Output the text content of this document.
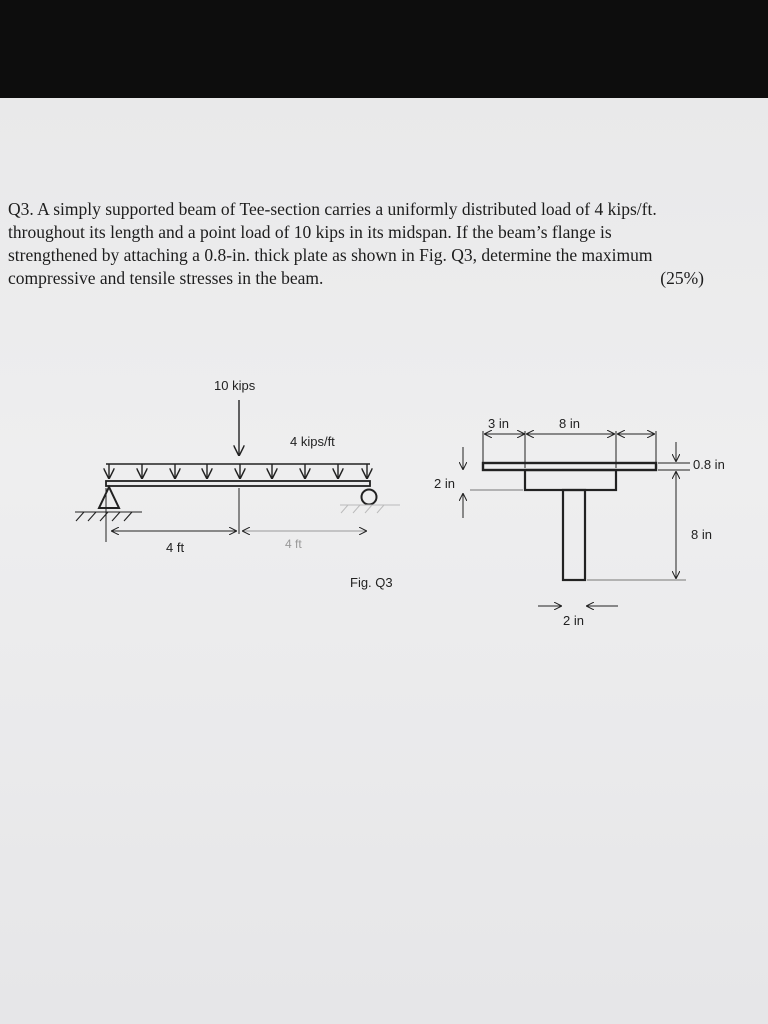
Q3. A simply supported beam of Tee-section carries a uniformly distributed load of 4 kips/ft.
throughout its length and a point load of 10 kips in its midspan. If the beam’s flange is
strengthened by attaching a 0.8-in. thick plate as shown in Fig. Q3, determine the maximum
compressive and tensile stresses in the beam.	(25%)
10 kips
4 kips/ft
4 ft	4 ft
Fig. Q3
3 in	8 in
0.8 in
2 in
8 in
2 in
